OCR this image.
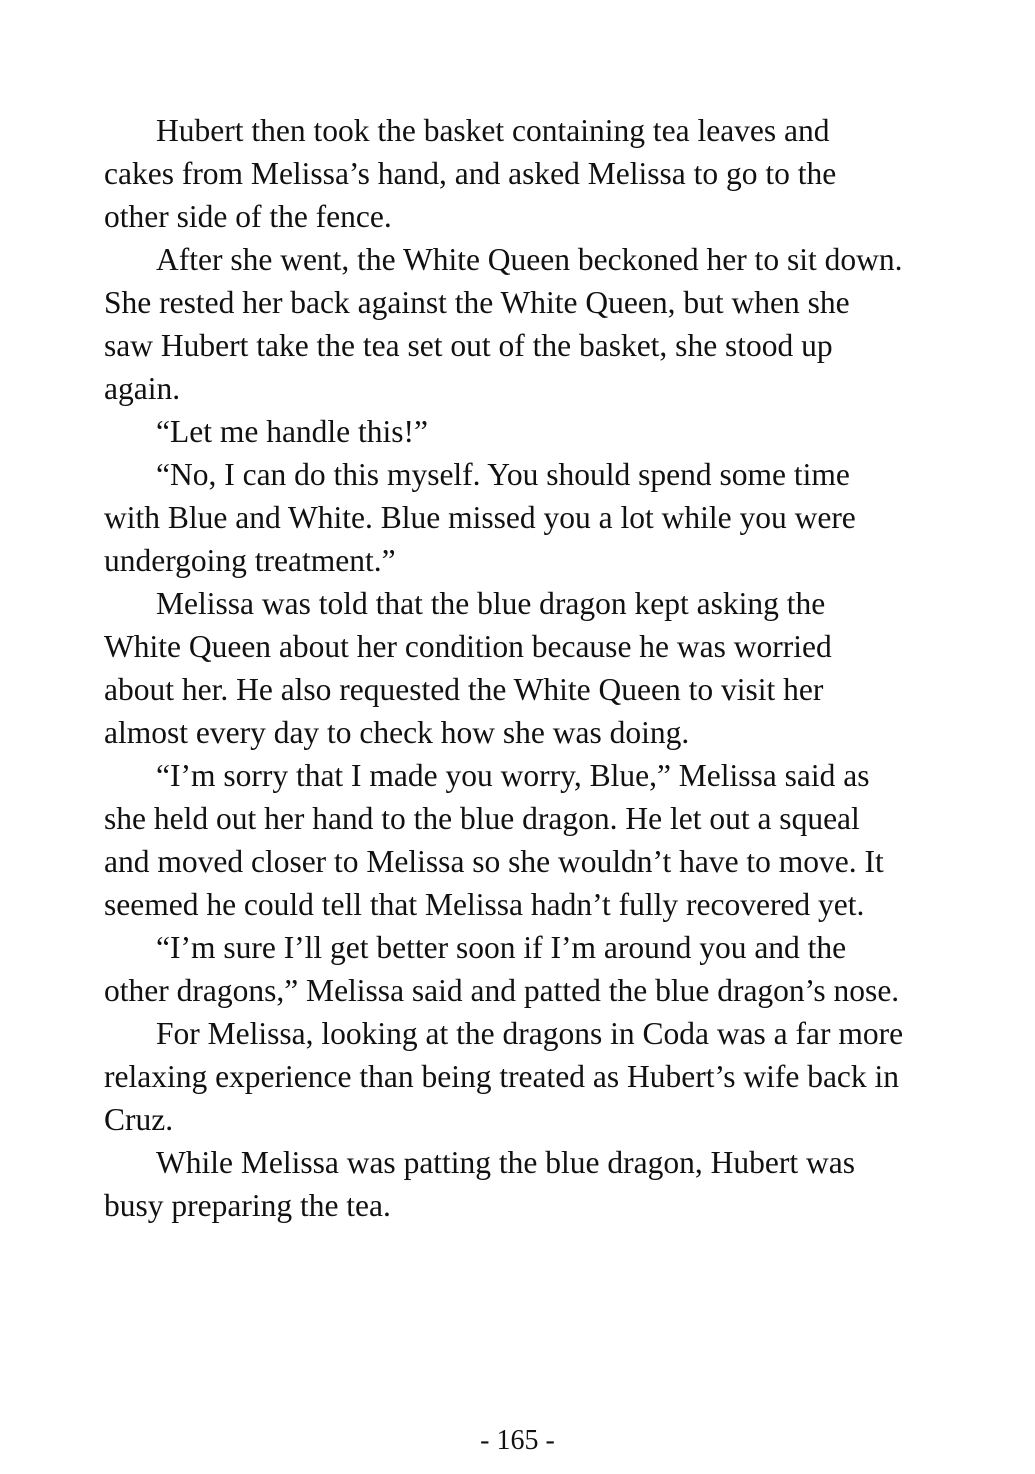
Hubert then took the basket containing tea leaves and cakes from Melissa’s hand, and asked Melissa to go to the other side of the fence.

After she went, the White Queen beckoned her to sit down. She rested her back against the White Queen, but when she saw Hubert take the tea set out of the basket, she stood up again.

“Let me handle this!”

“No, I can do this myself. You should spend some time with Blue and White. Blue missed you a lot while you were undergoing treatment.”

Melissa was told that the blue dragon kept asking the White Queen about her condition because he was worried about her. He also requested the White Queen to visit her almost every day to check how she was doing.

“I’m sorry that I made you worry, Blue,” Melissa said as she held out her hand to the blue dragon. He let out a squeal and moved closer to Melissa so she wouldn’t have to move. It seemed he could tell that Melissa hadn’t fully recovered yet.

“I’m sure I’ll get better soon if I’m around you and the other dragons,” Melissa said and patted the blue dragon’s nose.

For Melissa, looking at the dragons in Coda was a far more relaxing experience than being treated as Hubert’s wife back in Cruz.

While Melissa was patting the blue dragon, Hubert was busy preparing the tea.

- 165 -
